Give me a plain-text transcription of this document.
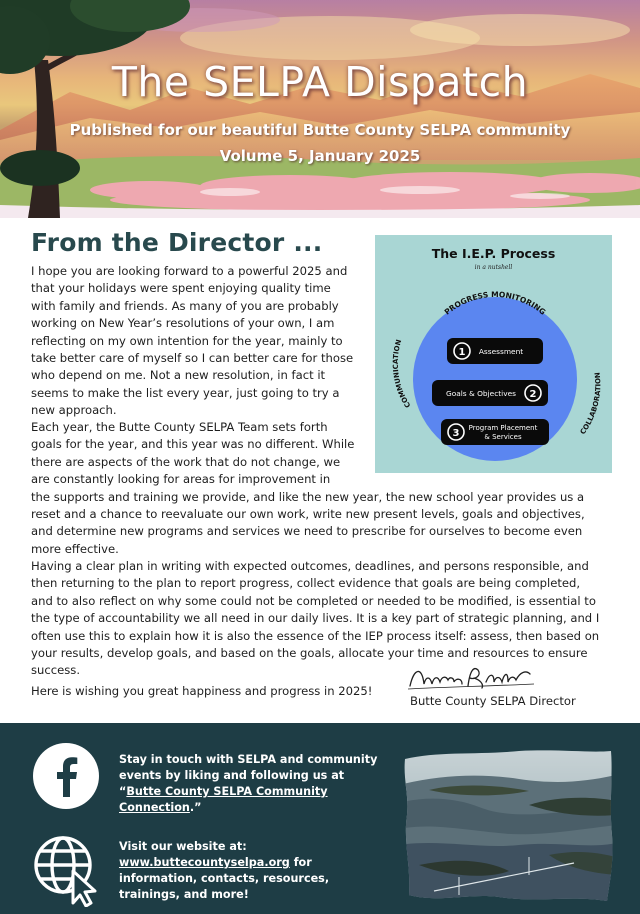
The SELPA Dispatch
Published for our beautiful Butte County SELPA community
Volume 5, January 2025
From the Director ...
I hope you are looking forward to a powerful 2025 and
that your holidays were spent enjoying quality time
with family and friends. As many of you are probably
working on New Year’s resolutions of your own, I am
reflecting on my own intention for the year, mainly to
take better care of myself so I can better care for those
who depend on me. Not a new resolution, in fact it
seems to make the list every year, just going to try a
new approach.
Each year, the Butte County SELPA Team sets forth
goals for the year, and this year was no different. While
there are aspects of the work that do not change, we
are constantly looking for areas for improvement in
the supports and training we provide, and like the new year, the new school year provides us a
reset and a chance to reevaluate our own work, write new present levels, goals and objectives,
and determine new programs and services we need to prescribe for ourselves to become even
more effective.
Having a clear plan in writing with expected outcomes, deadlines, and persons responsible, and
then returning to the plan to report progress, collect evidence that goals are being completed,
and to also reflect on why some could not be completed or needed to be modified, is essential to
the type of accountability we all need in our daily lives. It is a key part of strategic planning, and I
often use this to explain how it is also the essence of the IEP process itself: assess, then based on
your results, develop goals, and based on the goals, allocate your time and resources to ensure
success.
Here is wishing you great happiness and progress in 2025!
The I.E.P. Process
in a nutshell
PROGRESS MONITORING
COMMUNICATION
COLLABORATION
1 Assessment
Goals & Objectives 2
3 Program Placement
& Services
Butte County SELPA Director
Stay in touch with SELPA and community events by liking and following us at “Butte County SELPA Community Connection.”
Visit our website at:
www.buttecountyselpa.org for information, contacts, resources, trainings, and more!
